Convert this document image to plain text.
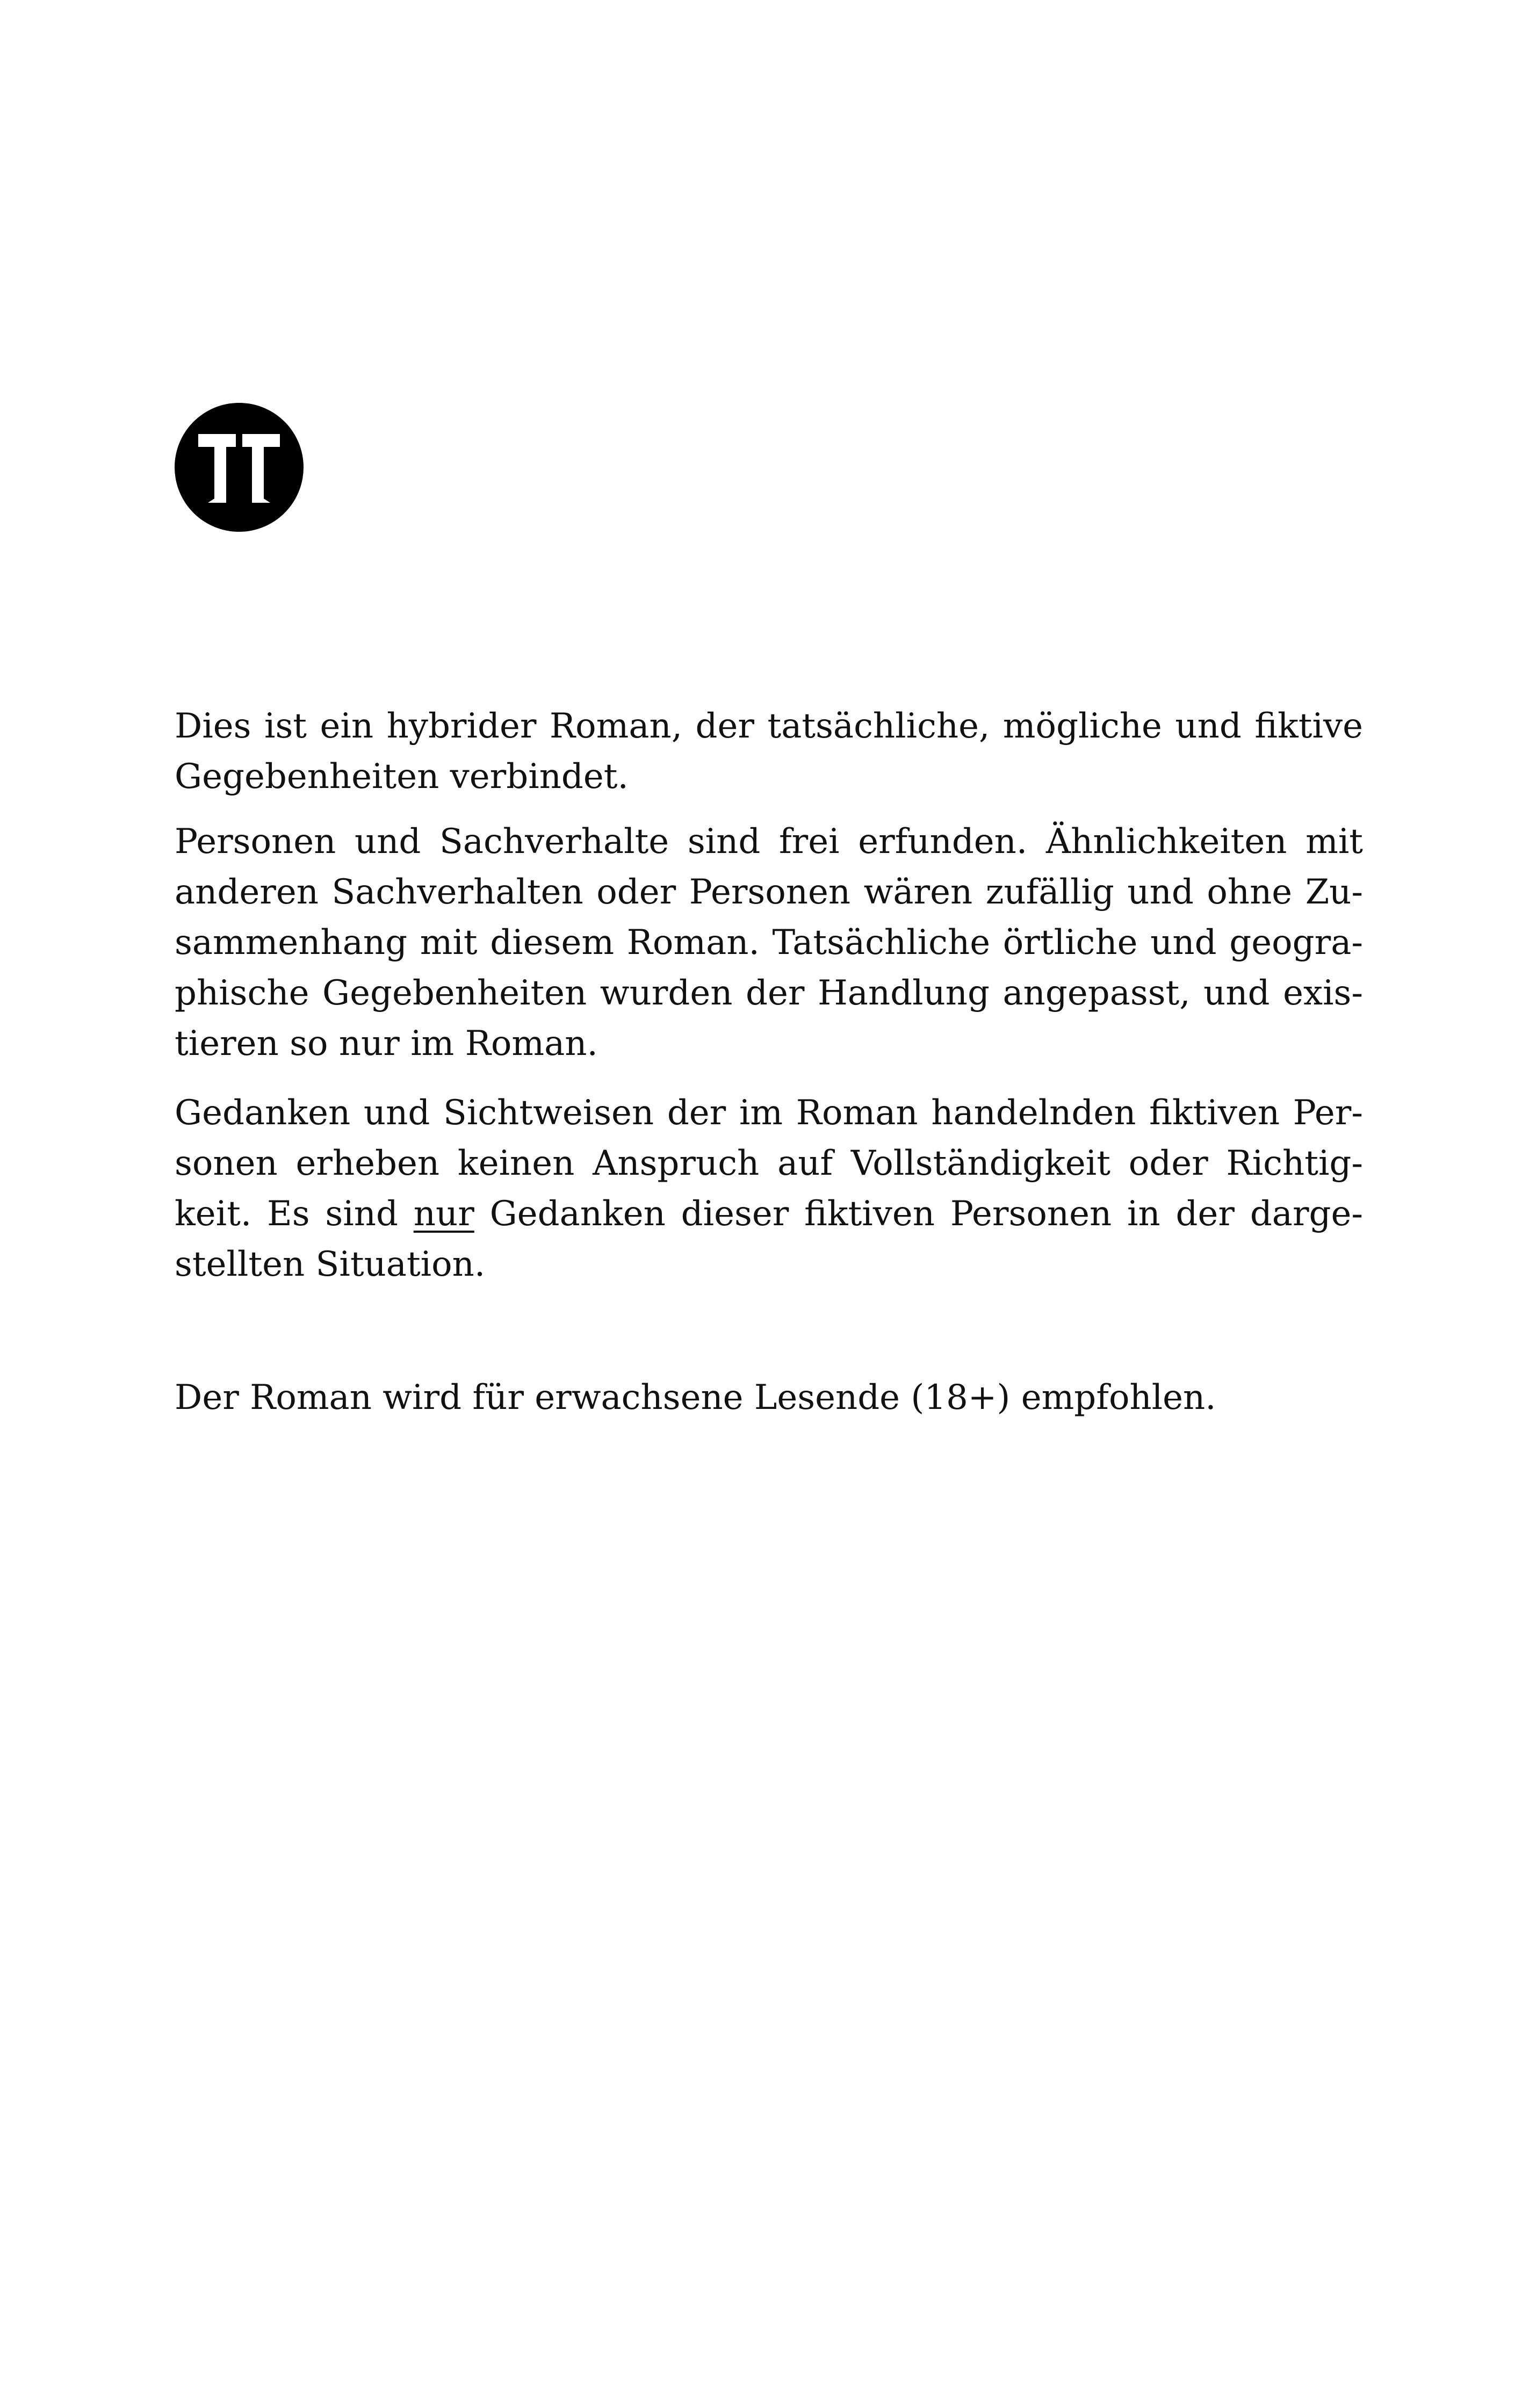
Dies ist ein hybrider Roman, der tatsächliche, mögliche und fiktive
Gegebenheiten verbindet.

Personen und Sachverhalte sind frei erfunden. Ähnlichkeiten mit
anderen Sachverhalten oder Personen wären zufällig und ohne Zu-
sammenhang mit diesem Roman. Tatsächliche örtliche und geogra-
phische Gegebenheiten wurden der Handlung angepasst, und exis-
tieren so nur im Roman.

Gedanken und Sichtweisen der im Roman handelnden fiktiven Per-
sonen erheben keinen Anspruch auf Vollständigkeit oder Richtig-
keit. Es sind nur Gedanken dieser fiktiven Personen in der darge-
stellten Situation.

Der Roman wird für erwachsene Lesende (18+) empfohlen.
